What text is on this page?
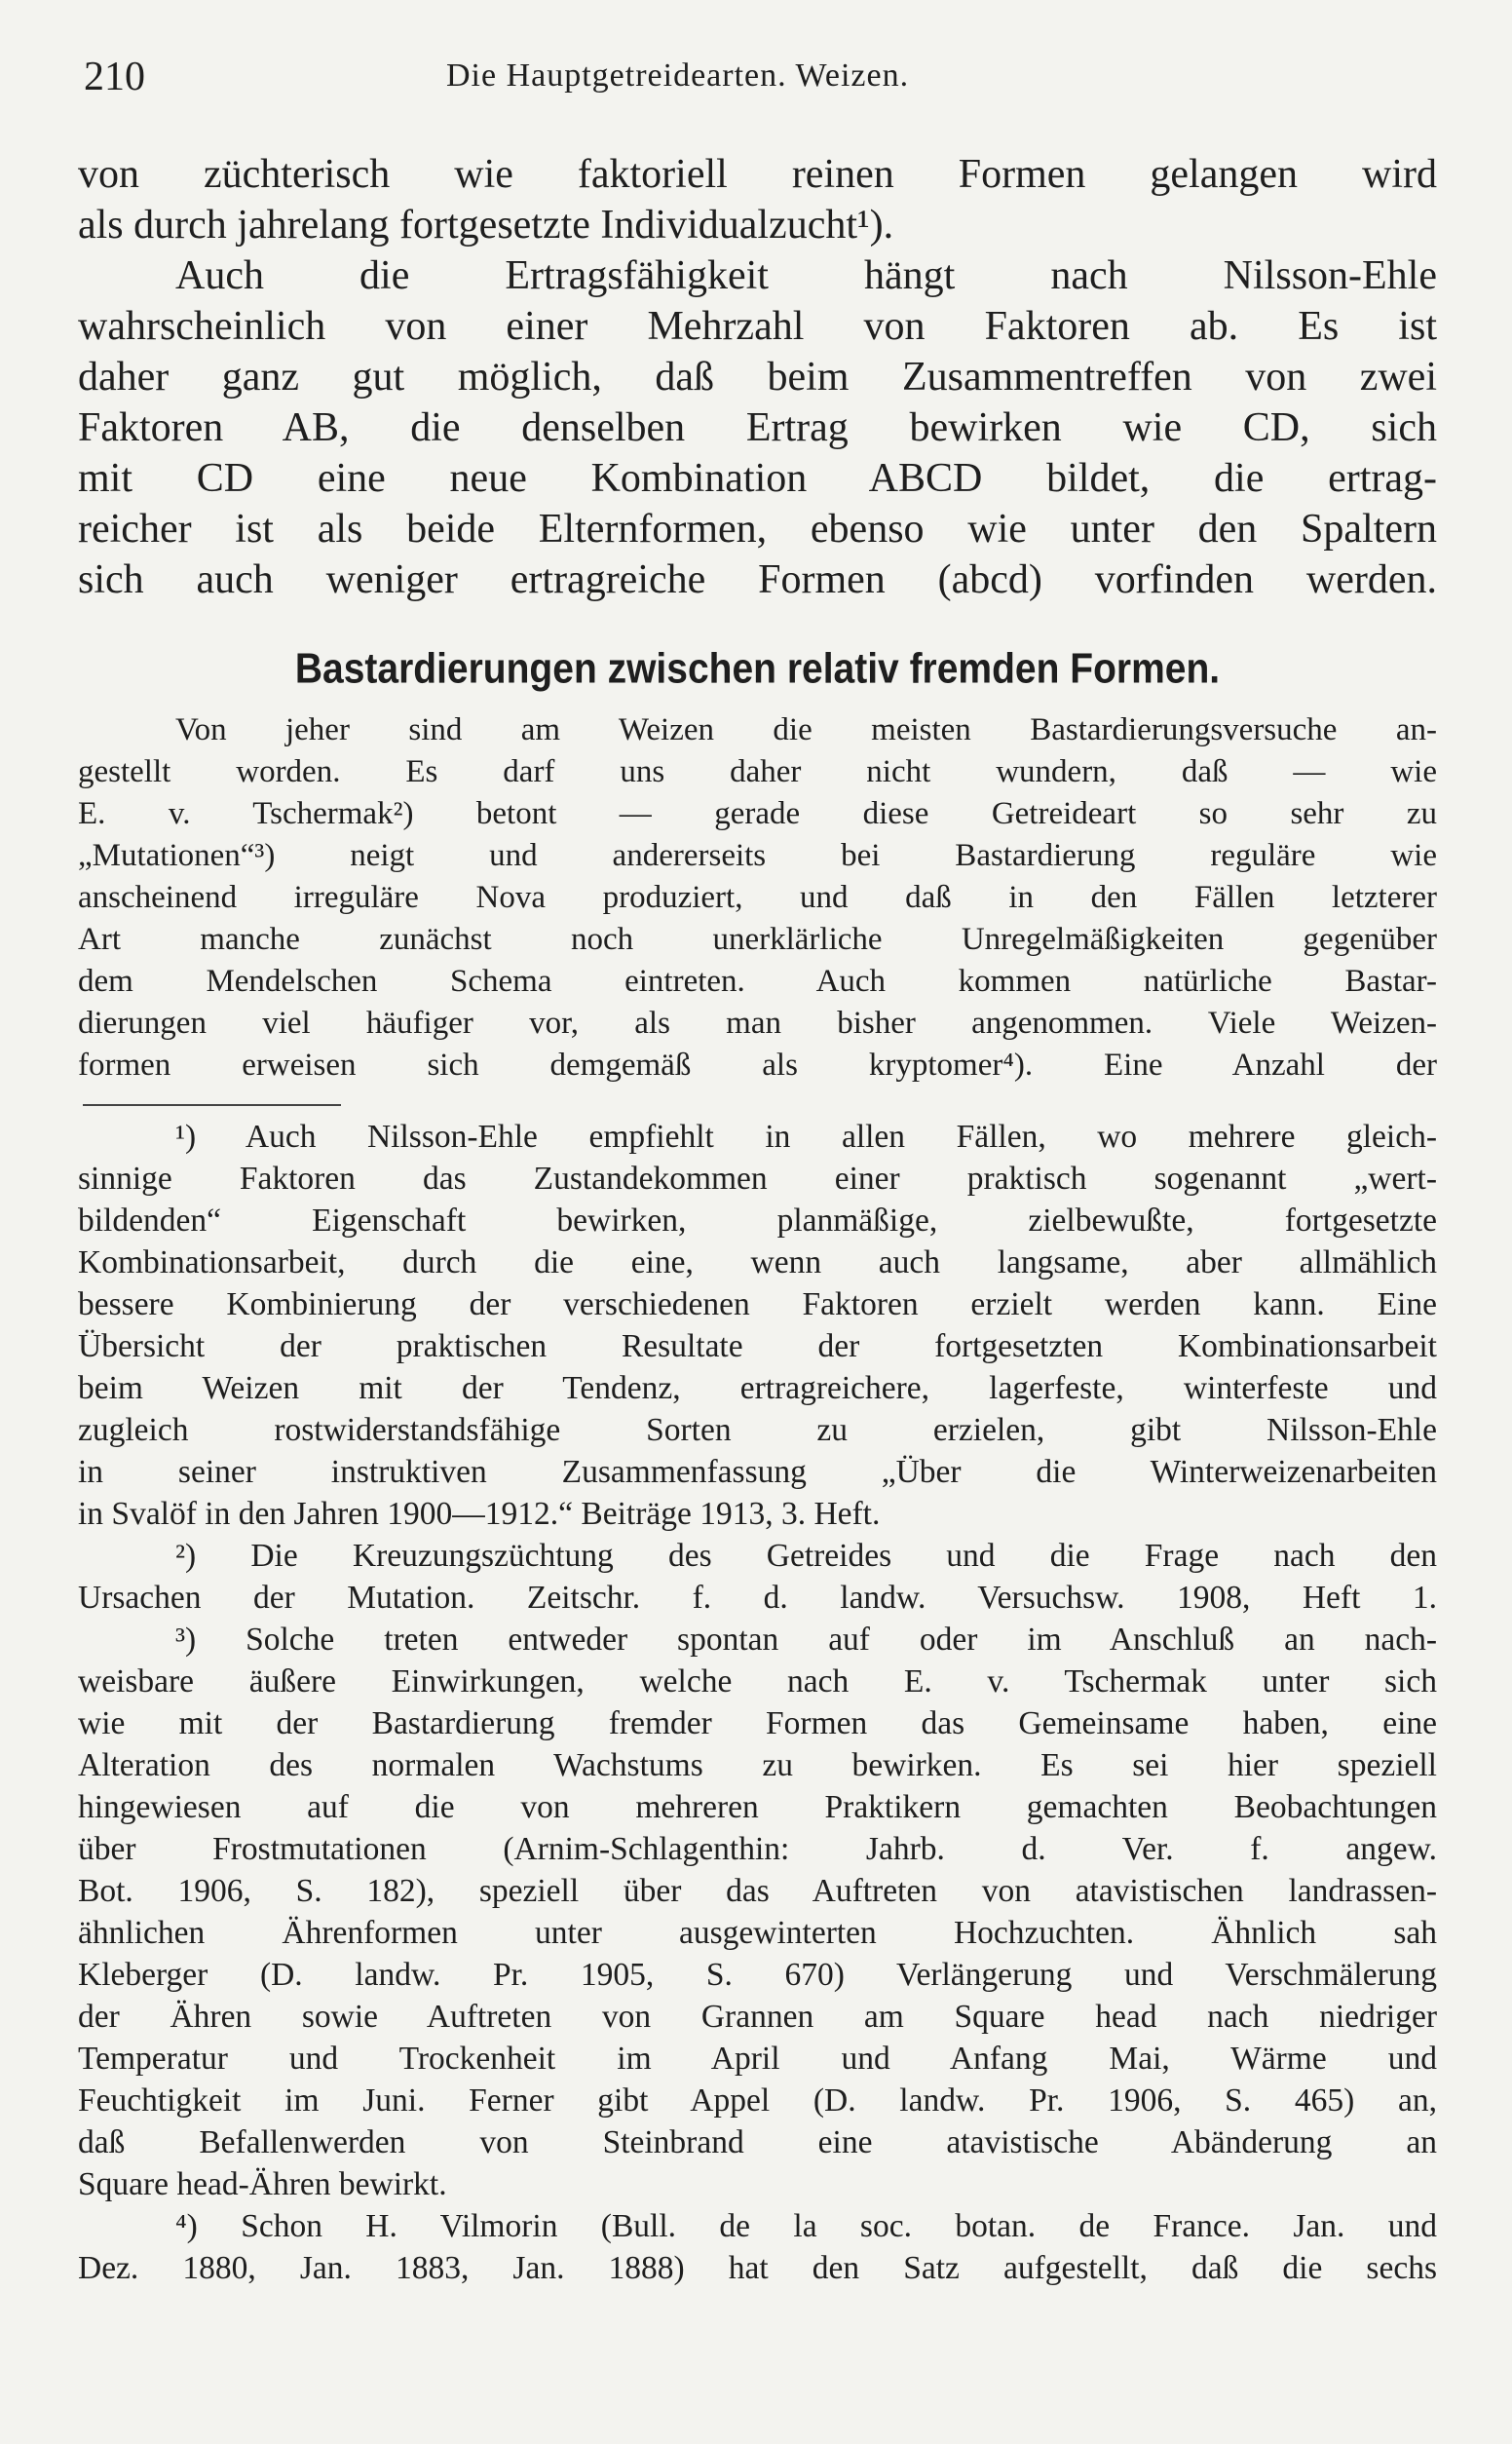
210	Die Hauptgetreidearten. Weizen.
von züchterisch wie faktoriell reinen Formen gelangen wird
als durch jahrelang fortgesetzte Individualzucht¹).
Auch die Ertragsfähigkeit hängt nach Nilsson-Ehle
wahrscheinlich von einer Mehrzahl von Faktoren ab. Es ist
daher ganz gut möglich, daß beim Zusammentreffen von zwei
Faktoren AB, die denselben Ertrag bewirken wie CD, sich
mit CD eine neue Kombination ABCD bildet, die ertrag-
reicher ist als beide Elternformen, ebenso wie unter den Spaltern
sich auch weniger ertragreiche Formen (abcd) vorfinden werden.
Bastardierungen zwischen relativ fremden Formen.
Von jeher sind am Weizen die meisten Bastardierungsversuche an-
gestellt worden. Es darf uns daher nicht wundern, daß — wie
E. v. Tschermak²) betont — gerade diese Getreideart so sehr zu
„Mutationen“³) neigt und andererseits bei Bastardierung reguläre wie
anscheinend irreguläre Nova produziert, und daß in den Fällen letzterer
Art manche zunächst noch unerklärliche Unregelmäßigkeiten gegenüber
dem Mendelschen Schema eintreten. Auch kommen natürliche Bastar-
dierungen viel häufiger vor, als man bisher angenommen. Viele Weizen-
formen erweisen sich demgemäß als kryptomer⁴). Eine Anzahl der
¹) Auch Nilsson-Ehle empfiehlt in allen Fällen, wo mehrere gleich-
sinnige Faktoren das Zustandekommen einer praktisch sogenannt „wert-
bildenden“ Eigenschaft bewirken, planmäßige, zielbewußte, fortgesetzte
Kombinationsarbeit, durch die eine, wenn auch langsame, aber allmählich
bessere Kombinierung der verschiedenen Faktoren erzielt werden kann. Eine
Übersicht der praktischen Resultate der fortgesetzten Kombinationsarbeit
beim Weizen mit der Tendenz, ertragreichere, lagerfeste, winterfeste und
zugleich rostwiderstandsfähige Sorten zu erzielen, gibt Nilsson-Ehle
in seiner instruktiven Zusammenfassung „Über die Winterweizenarbeiten
in Svalöf in den Jahren 1900—1912.“ Beiträge 1913, 3. Heft.
²) Die Kreuzungszüchtung des Getreides und die Frage nach den
Ursachen der Mutation. Zeitschr. f. d. landw. Versuchsw. 1908, Heft 1.
³) Solche treten entweder spontan auf oder im Anschluß an nach-
weisbare äußere Einwirkungen, welche nach E. v. Tschermak unter sich
wie mit der Bastardierung fremder Formen das Gemeinsame haben, eine
Alteration des normalen Wachstums zu bewirken. Es sei hier speziell
hingewiesen auf die von mehreren Praktikern gemachten Beobachtungen
über Frostmutationen (Arnim-Schlagenthin: Jahrb. d. Ver. f. angew.
Bot. 1906, S. 182), speziell über das Auftreten von atavistischen landrassen-
ähnlichen Ährenformen unter ausgewinterten Hochzuchten. Ähnlich sah
Kleberger (D. landw. Pr. 1905, S. 670) Verlängerung und Verschmälerung
der Ähren sowie Auftreten von Grannen am Square head nach niedriger
Temperatur und Trockenheit im April und Anfang Mai, Wärme und
Feuchtigkeit im Juni. Ferner gibt Appel (D. landw. Pr. 1906, S. 465) an,
daß Befallenwerden von Steinbrand eine atavistische Abänderung an
Square head-Ähren bewirkt.
⁴) Schon H. Vilmorin (Bull. de la soc. botan. de France. Jan. und
Dez. 1880, Jan. 1883, Jan. 1888) hat den Satz aufgestellt, daß die sechs
